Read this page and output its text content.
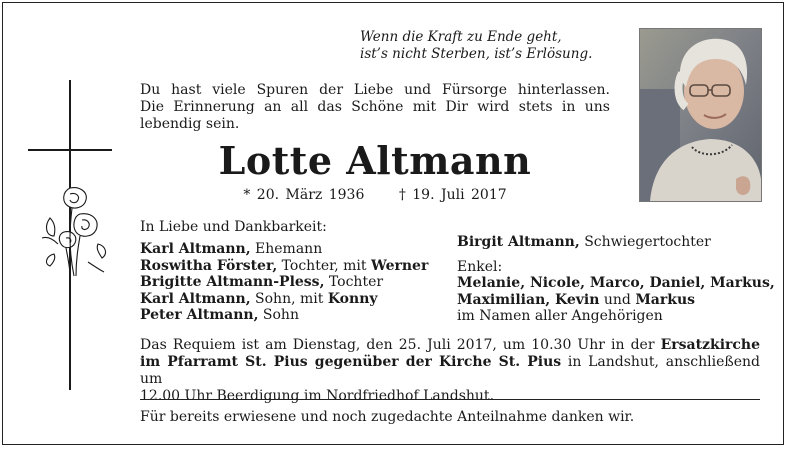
Wenn die Kraft zu Ende geht,
ist’s nicht Sterben, ist’s Erlösung.
Du hast viele Spuren der Liebe und Fürsorge hinterlassen.
Die Erinnerung an all das Schöne mit Dir wird stets in uns
lebendig sein.
Lotte Altmann
* 20. März 1936 † 19. Juli 2017
In Liebe und Dankbarkeit:
Karl Altmann, Ehemann
Roswitha Förster, Tochter, mit Werner
Brigitte Altmann-Pless, Tochter
Karl Altmann, Sohn, mit Konny
Peter Altmann, Sohn
Birgit Altmann, Schwiegertochter
Enkel:
Melanie, Nicole, Marco, Daniel, Markus,
Maximilian, Kevin und Markus
im Namen aller Angehörigen
Das Requiem ist am Dienstag, den 25. Juli 2017, um 10.30 Uhr in der Ersatzkirche
im Pfarramt St. Pius gegenüber der Kirche St. Pius in Landshut, anschließend um
12.00 Uhr Beerdigung im Nordfriedhof Landshut.
Für bereits erwiesene und noch zugedachte Anteilnahme danken wir.
